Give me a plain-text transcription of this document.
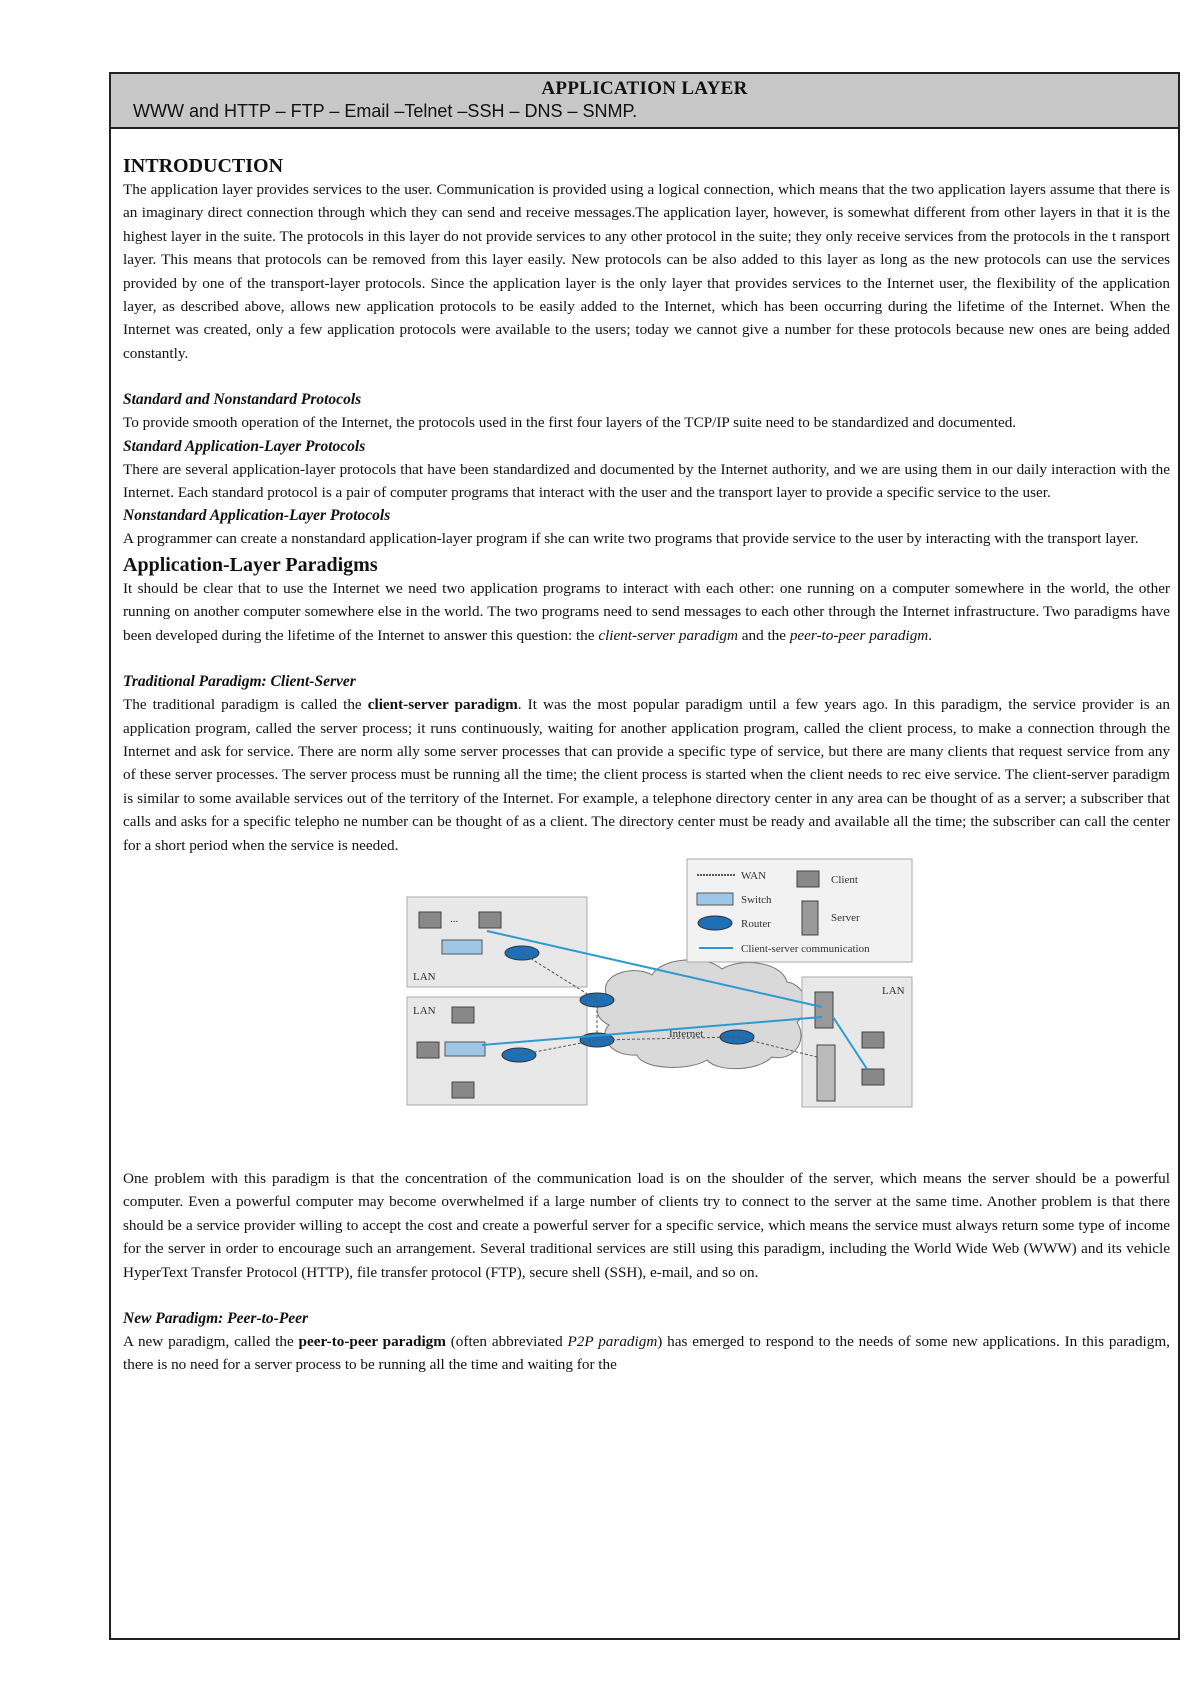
APPLICATION LAYER
WWW and HTTP – FTP – Email –Telnet –SSH – DNS – SNMP.
INTRODUCTION

The application layer provides services to the user. Communication is provided using a logical connection, which means that the two application layers assume that there is an imaginary direct connection through which they can send and receive messages.The application layer, however, is somewhat different from other layers in that it is the highest layer in the suite. The protocols in this layer do not provide services to any other protocol in the suite; they only receive services from the protocols in the t ransport layer. This means that protocols can be removed from this layer easily. New protocols can be also added to this layer as long as the new protocols can use the services provided by one of the transport-layer protocols. Since the application layer is the only layer that provides services to the Internet user, the flexibility of the application layer, as described above, allows new application protocols to be easily added to the Internet, which has been occurring during the lifetime of the Internet. When the Internet was created, only a few application protocols were available to the users; today we cannot give a number for these protocols because new ones are being added constantly.

Standard and Nonstandard Protocols

To provide smooth operation of the Internet, the protocols used in the first four layers of the TCP/IP suite need to be standardized and documented.

Standard Application-Layer Protocols

There are several application-layer protocols that have been standardized and documented by the Internet authority, and we are using them in our daily interaction with the Internet. Each standard protocol is a pair of computer programs that interact with the user and the transport layer to provide a specific service to the user.

Nonstandard Application-Layer Protocols

A programmer can create a nonstandard application-layer program if she can write two programs that provide service to the user by interacting with the transport layer.

Application-Layer Paradigms

It should be clear that to use the Internet we need two application programs to interact with each other: one running on a computer somewhere in the world, the other running on another computer somewhere else in the world. The two programs need to send messages to each other through the Internet infrastructure. Two paradigms have been developed during the lifetime of the Internet to answer this question: the client-server paradigm and the peer-to-peer paradigm.

Traditional Paradigm: Client-Server

The traditional paradigm is called the client-server paradigm. It was the most popular paradigm until a few years ago. In this paradigm, the service provider is an application program, called the server process; it runs continuously, waiting for another application program, called the client process, to make a connection through the Internet and ask for service. There are norm ally some server processes that can provide a specific type of service, but there are many clients that request service from any of these server processes. The server process must be running all the time; the client process is started when the client needs to rec eive service. The client-server paradigm is similar to some available services out of the territory of the Internet. For example, a telephone directory center in any area can be thought of as a server; a subscriber that calls and asks for a specific telepho ne number can be thought of as a client. The directory center must be ready and available all the time; the subscriber can call the center for a short period when the service is needed.

Internet
LAN
LAN
LAN
WAN
Switch
Router
Client-server communication
Client
Server
...

One problem with this paradigm is that the concentration of the communication load is on the shoulder of the server, which means the server should be a powerful computer. Even a powerful computer may become overwhelmed if a large number of clients try to connect to the server at the same time. Another problem is that there should be a service provider willing to accept the cost and create a powerful server for a specific service, which means the service must always return some type of income for the server in order to encourage such an arrangement. Several traditional services are still using this paradigm, including the World Wide Web (WWW) and its vehicle HyperText Transfer Protocol (HTTP), file transfer protocol (FTP), secure shell (SSH), e-mail, and so on.

New Paradigm: Peer-to-Peer

A new paradigm, called the peer-to-peer paradigm (often abbreviated P2P paradigm) has emerged to respond to the needs of some new applications. In this paradigm, there is no need for a server process to be running all the time and waiting for the
